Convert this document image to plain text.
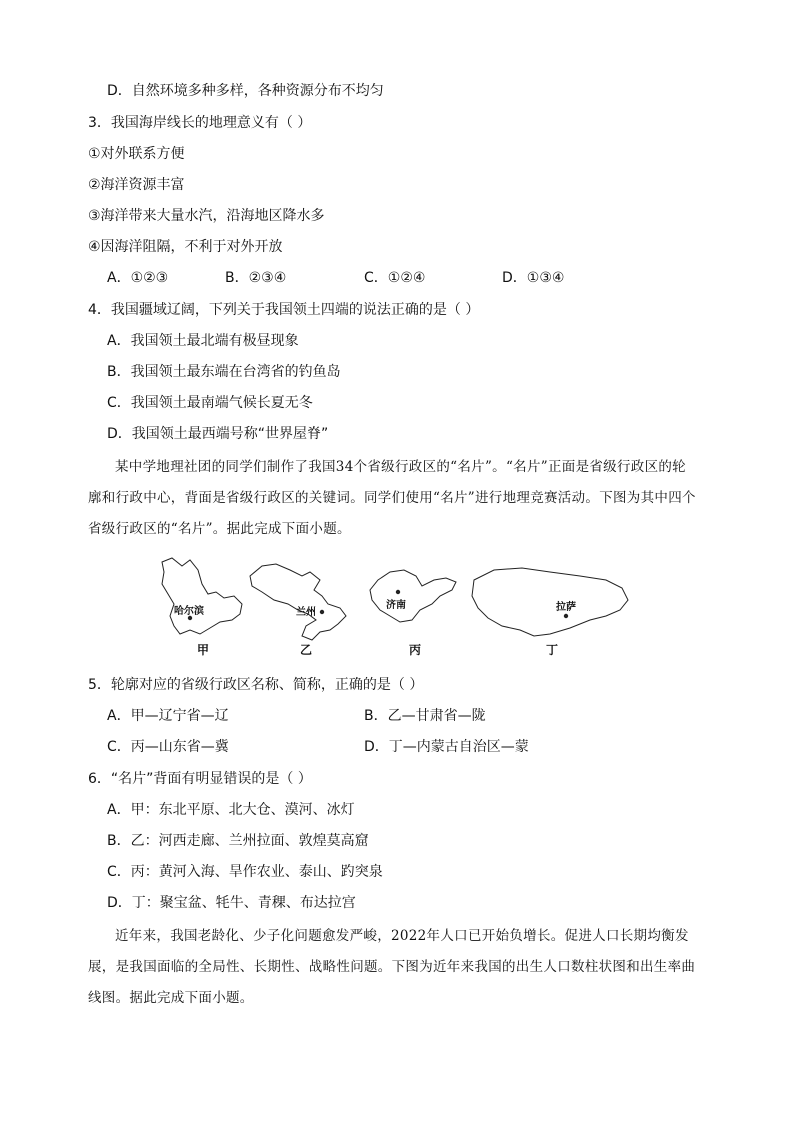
D．自然环境多种多样，各种资源分布不均匀
3．我国海岸线长的地理意义有（ ）
①对外联系方便
②海洋资源丰富
③海洋带来大量水汽，沿海地区降水多
④因海洋阻隔，不利于对外开放
A．①②③	B．②③④	C．①②④	D．①③④
4．我国疆域辽阔，下列关于我国领土四端的说法正确的是（ ）
A．我国领土最北端有极昼现象
B．我国领土最东端在台湾省的钓鱼岛
C．我国领土最南端气候长夏无冬
D．我国领土最西端号称“世界屋脊”
某中学地理社团的同学们制作了我国34个省级行政区的“名片”。“名片”正面是省级行政区的轮
廓和行政中心，背面是省级行政区的关键词。同学们使用“名片”进行地理竞赛活动。下图为其中四个
省级行政区的“名片”。据此完成下面小题。
哈尔滨	兰州
济南	拉萨
甲	乙	丙	丁
5．轮廓对应的省级行政区名称、简称，正确的是（ ）
A．甲—辽宁省—辽	B．乙—甘肃省—陇
C．丙—山东省—冀	D．丁—内蒙古自治区—蒙
6．“名片”背面有明显错误的是（ ）
A．甲：东北平原、北大仓、漠河、冰灯
B．乙：河西走廊、兰州拉面、敦煌莫高窟
C．丙：黄河入海、旱作农业、泰山、趵突泉
D．丁：聚宝盆、牦牛、青稞、布达拉宫
近年来，我国老龄化、少子化问题愈发严峻，2022年人口已开始负增长。促进人口长期均衡发
展，是我国面临的全局性、长期性、战略性问题。下图为近年来我国的出生人口数柱状图和出生率曲
线图。据此完成下面小题。
